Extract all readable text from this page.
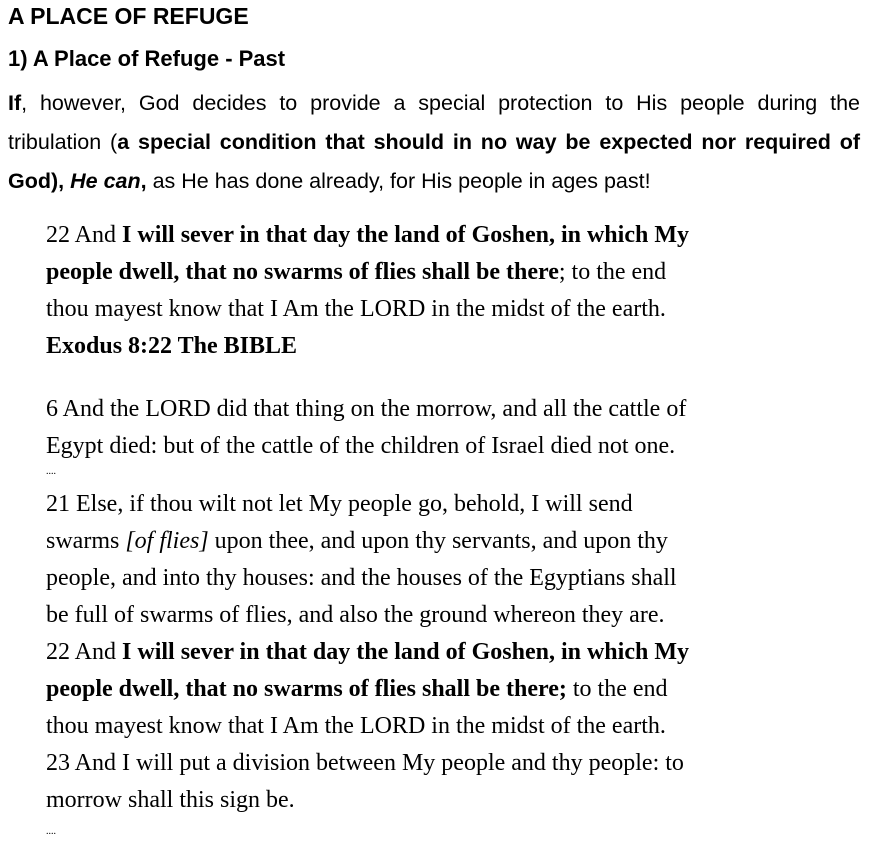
A PLACE OF REFUGE
1) A Place of Refuge - Past

If, however, God decides to provide a special protection to His people during the tribulation (a special condition that should in no way be expected nor required of God), He can, as He has done already, for His people in ages past!

22 And I will sever in that day the land of Goshen, in which My
people dwell, that no swarms of flies shall be there; to the end
thou mayest know that I Am the LORD in the midst of the earth.
Exodus 8:22 The BIBLE
6 And the LORD did that thing on the morrow, and all the cattle of
Egypt died: but of the cattle of the children of Israel died not one.

....

21 Else, if thou wilt not let My people go, behold, I will send
swarms [of flies] upon thee, and upon thy servants, and upon thy
people, and into thy houses: and the houses of the Egyptians shall
be full of swarms of flies, and also the ground whereon they are.
22 And I will sever in that day the land of Goshen, in which My
people dwell, that no swarms of flies shall be there; to the end
thou mayest know that I Am the LORD in the midst of the earth.
23 And I will put a division between My people and thy people: to
morrow shall this sign be.

....
